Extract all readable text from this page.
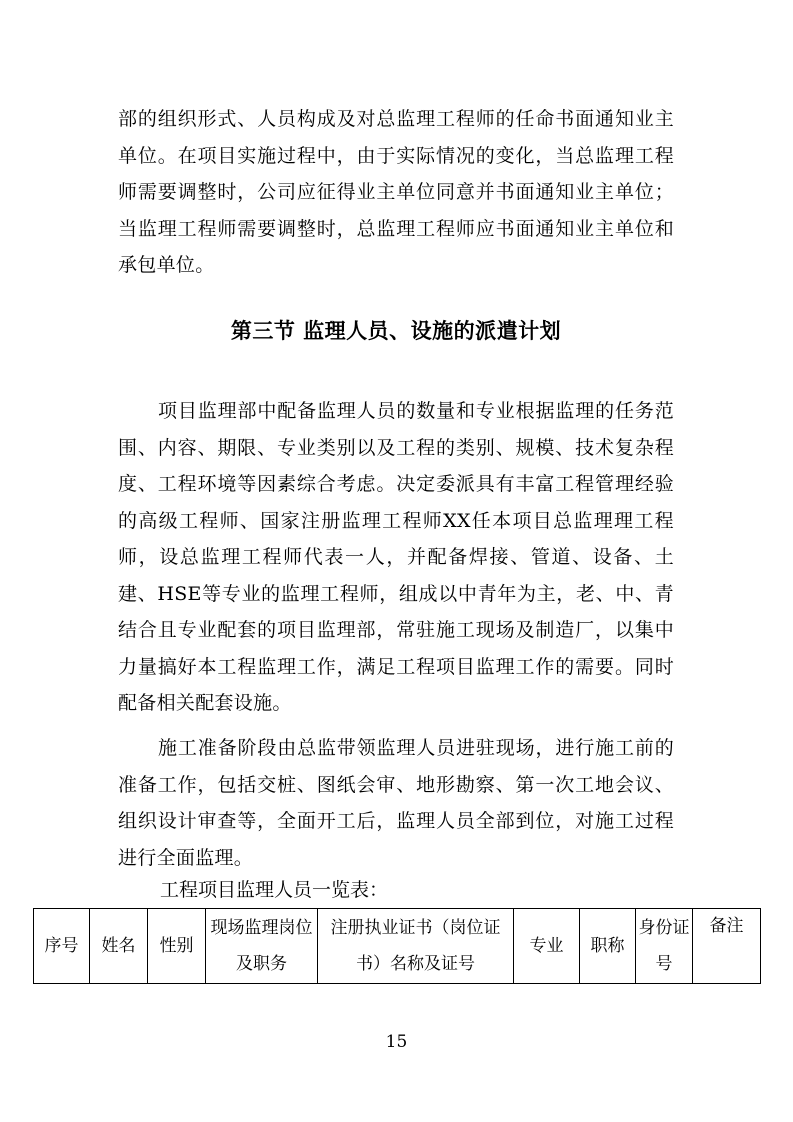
部的组织形式、人员构成及对总监理工程师的任命书面通知业主单位。在项目实施过程中，由于实际情况的变化，当总监理工程师需要调整时，公司应征得业主单位同意并书面通知业主单位；当监理工程师需要调整时，总监理工程师应书面通知业主单位和承包单位。

第三节 监理人员、设施的派遣计划

项目监理部中配备监理人员的数量和专业根据监理的任务范围、内容、期限、专业类别以及工程的类别、规模、技术复杂程度、工程环境等因素综合考虑。决定委派具有丰富工程管理经验的高级工程师、国家注册监理工程师XX任本项目总监理理工程师，设总监理工程师代表一人，并配备焊接、管道、设备、土建、HSE等专业的监理工程师，组成以中青年为主，老、中、青结合且专业配套的项目监理部，常驻施工现场及制造厂，以集中力量搞好本工程监理工作，满足工程项目监理工作的需要。同时配备相关配套设施。

施工准备阶段由总监带领监理人员进驻现场，进行施工前的准备工作，包括交桩、图纸会审、地形勘察、第一次工地会议、组织设计审查等，全面开工后，监理人员全部到位，对施工过程进行全面监理。

工程项目监理人员一览表：

序号	姓名	性别	现场监理岗位及职务	注册执业证书（岗位证书）名称及证号	专业	职称	身份证号	备注

15
